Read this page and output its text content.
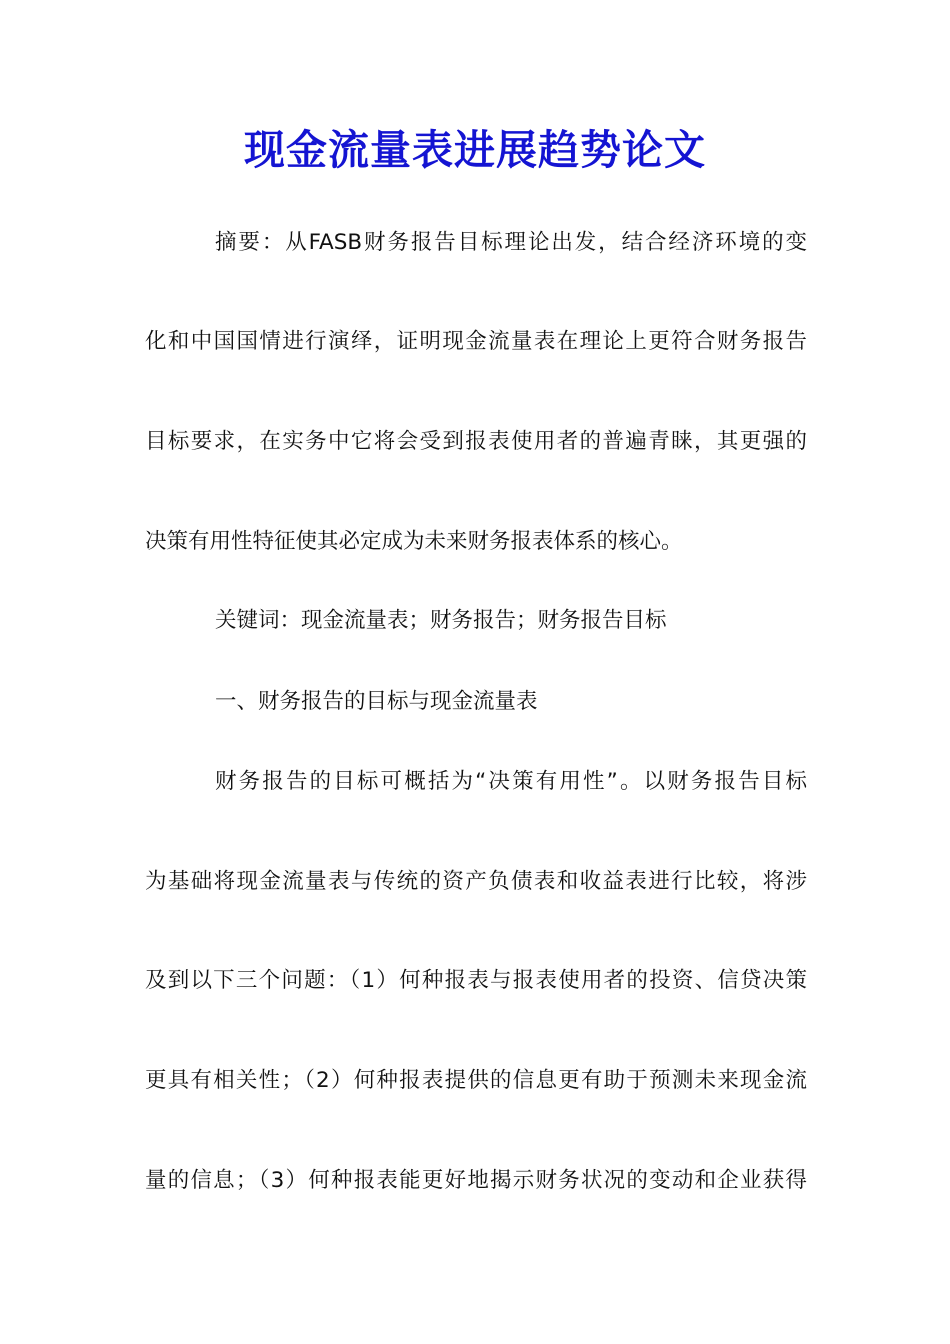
现金流量表进展趋势论文
摘要：从FASB财务报告目标理论出发，结合经济环境的变
化和中国国情进行演绎，证明现金流量表在理论上更符合财务报告
目标要求，在实务中它将会受到报表使用者的普遍青睐，其更强的
决策有用性特征使其必定成为未来财务报表体系的核心。
关键词：现金流量表；财务报告；财务报告目标
一、财务报告的目标与现金流量表
财务报告的目标可概括为“决策有用性”。以财务报告目标
为基础将现金流量表与传统的资产负债表和收益表进行比较，将涉
及到以下三个问题：（1）何种报表与报表使用者的投资、信贷决策
更具有相关性；（2）何种报表提供的信息更有助于预测未来现金流
量的信息；（3）何种报表能更好地揭示财务状况的变动和企业获得
